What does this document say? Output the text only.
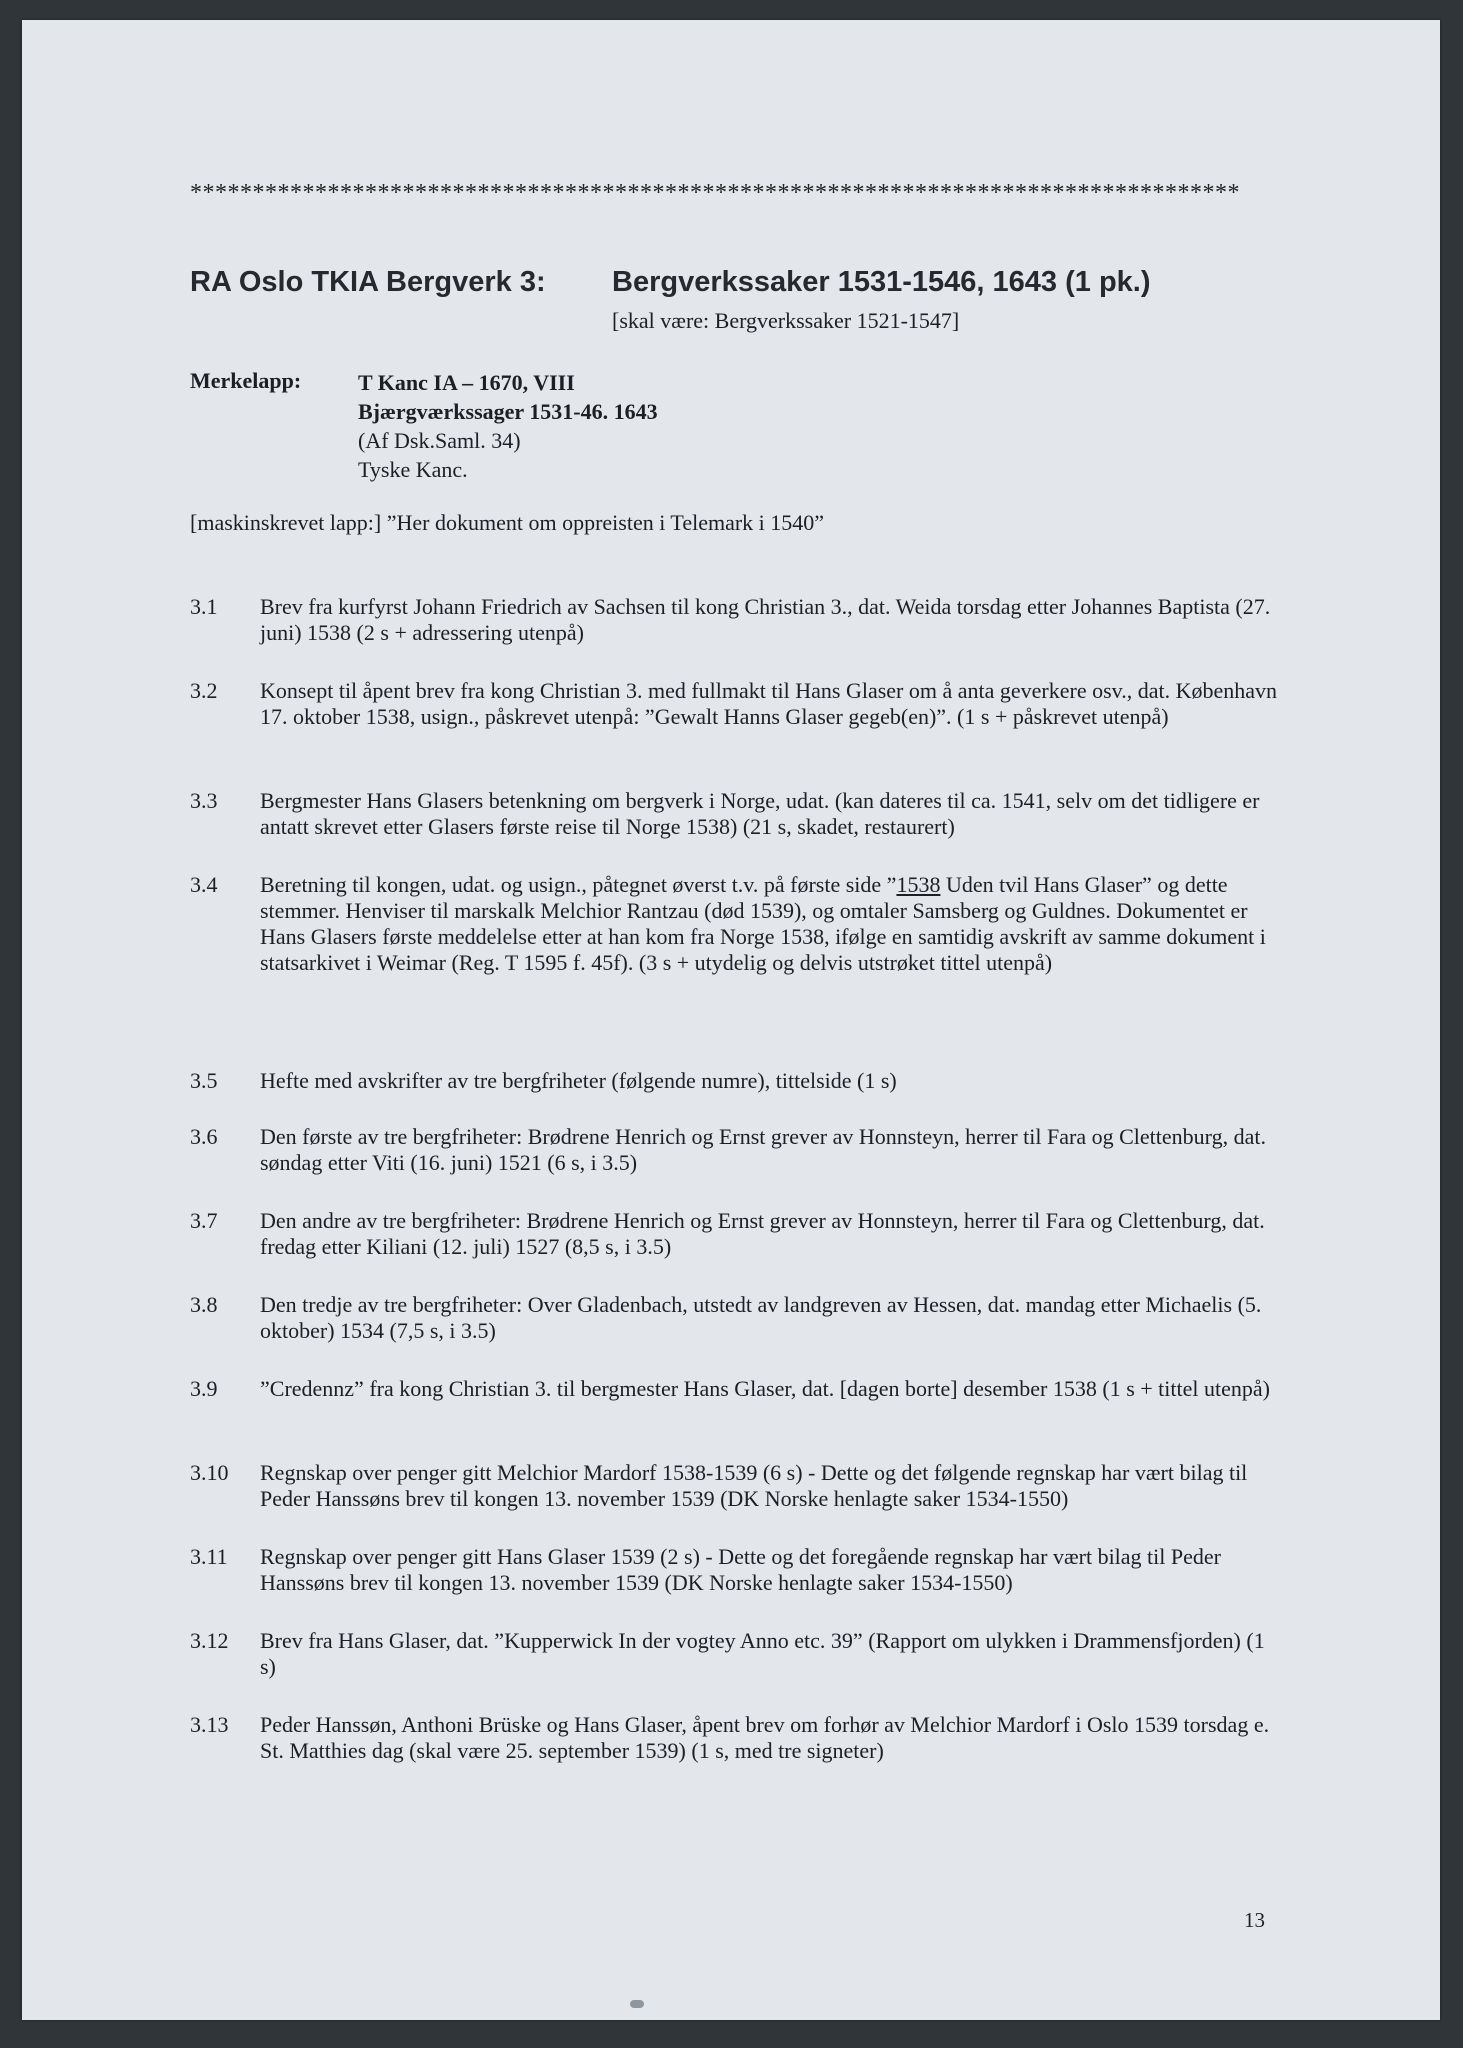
************************************************************************************
RA Oslo TKIA Bergverk 3: Bergverkssaker 1531-1546, 1643 (1 pk.)
[skal være: Bergverkssaker 1521-1547]
Merkelapp:	T Kanc IA – 1670, VIII
Bjærgværkssager 1531-46. 1643
(Af Dsk.Saml. 34)
Tyske Kanc.
[maskinskrevet lapp:] ”Her dokument om oppreisten i Telemark i 1540”
3.1 Brev fra kurfyrst Johann Friedrich av Sachsen til kong Christian 3., dat. Weida torsdag etter Johannes Baptista (27. juni) 1538 (2 s + adressering utenpå)
3.2 Konsept til åpent brev fra kong Christian 3. med fullmakt til Hans Glaser om å anta geverkere osv., dat. København 17. oktober 1538, usign., påskrevet utenpå: ”Gewalt Hanns Glaser gegeb(en)”. (1 s + påskrevet utenpå)
3.3 Bergmester Hans Glasers betenkning om bergverk i Norge, udat. (kan dateres til ca. 1541, selv om det tidligere er antatt skrevet etter Glasers første reise til Norge 1538) (21 s, skadet, restaurert)
3.4 Beretning til kongen, udat. og usign., påtegnet øverst t.v. på første side ”1538 Uden tvil Hans Glaser” og dette stemmer. Henviser til marskalk Melchior Rantzau (død 1539), og omtaler Samsberg og Guldnes. Dokumentet er Hans Glasers første meddelelse etter at han kom fra Norge 1538, ifølge en samtidig avskrift av samme dokument i statsarkivet i Weimar (Reg. T 1595 f. 45f). (3 s + utydelig og delvis utstrøket tittel utenpå)
3.5 Hefte med avskrifter av tre bergfriheter (følgende numre), tittelside (1 s)
3.6 Den første av tre bergfriheter: Brødrene Henrich og Ernst grever av Honnsteyn, herrer til Fara og Clettenburg, dat. søndag etter Viti (16. juni) 1521 (6 s, i 3.5)
3.7 Den andre av tre bergfriheter: Brødrene Henrich og Ernst grever av Honnsteyn, herrer til Fara og Clettenburg, dat. fredag etter Kiliani (12. juli) 1527 (8,5 s, i 3.5)
3.8 Den tredje av tre bergfriheter: Over Gladenbach, utstedt av landgreven av Hessen, dat. mandag etter Michaelis (5. oktober) 1534 (7,5 s, i 3.5)
3.9 ”Credennz” fra kong Christian 3. til bergmester Hans Glaser, dat. [dagen borte] desember 1538 (1 s + tittel utenpå)
3.10 Regnskap over penger gitt Melchior Mardorf 1538-1539 (6 s) - Dette og det følgende regnskap har vært bilag til Peder Hanssøns brev til kongen 13. november 1539 (DK Norske henlagte saker 1534-1550)
3.11 Regnskap over penger gitt Hans Glaser 1539 (2 s) - Dette og det foregående regnskap har vært bilag til Peder Hanssøns brev til kongen 13. november 1539 (DK Norske henlagte saker 1534-1550)
3.12 Brev fra Hans Glaser, dat. ”Kupperwick In der vogtey Anno etc. 39” (Rapport om ulykken i Drammensfjorden) (1 s)
3.13 Peder Hanssøn, Anthoni Brüske og Hans Glaser, åpent brev om forhør av Melchior Mardorf i Oslo 1539 torsdag e. St. Matthies dag (skal være 25. september 1539) (1 s, med tre signeter)
13
